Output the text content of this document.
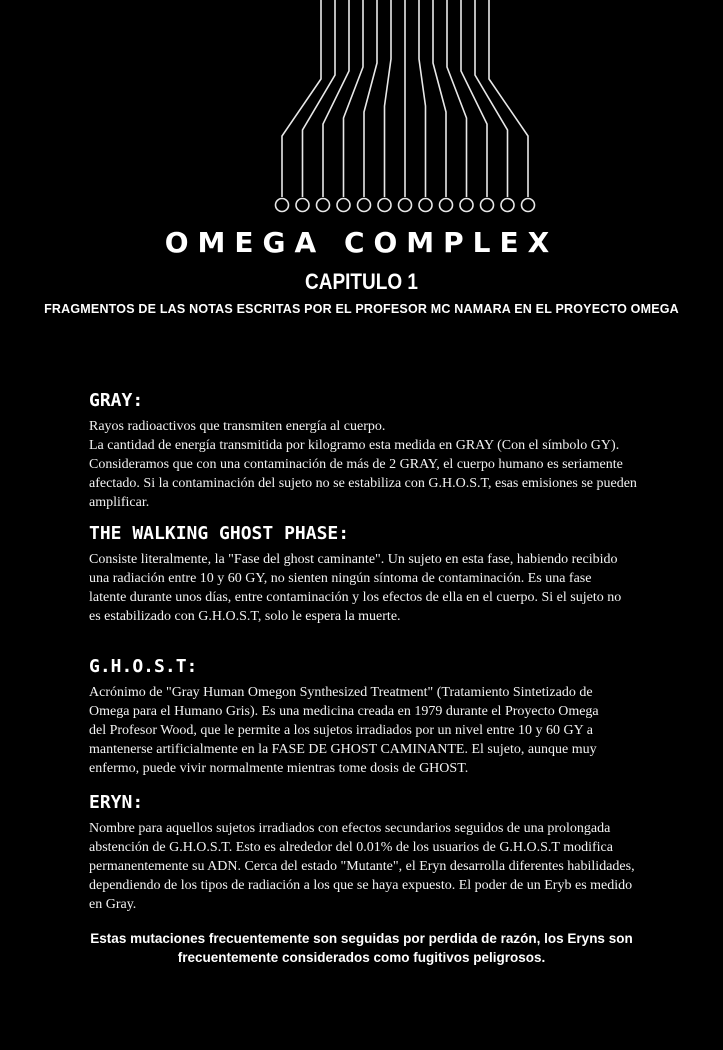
OMEGA COMPLEX
CAPITULO 1
FRAGMENTOS DE LAS NOTAS ESCRITAS POR EL PROFESOR MC NAMARA EN EL PROYECTO OMEGA
GRAY:

Rayos radioactivos que transmiten energía al cuerpo.
La cantidad de energía transmitida por kilogramo esta medida en GRAY (Con el símbolo GY).
Consideramos que con una contaminación de más de 2 GRAY, el cuerpo humano es seriamente
afectado. Si la contaminación del sujeto no se estabiliza con G.H.O.S.T, esas emisiones se pueden
amplificar.

THE WALKING GHOST PHASE:

Consiste literalmente, la "Fase del ghost caminante". Un sujeto en esta fase, habiendo recibido
una radiación entre 10 y 60 GY, no sienten ningún síntoma de contaminación. Es una fase
latente durante unos días, entre contaminación y los efectos de ella en el cuerpo. Si el sujeto no
es estabilizado con G.H.O.S.T, solo le espera la muerte.

G.H.O.S.T:

Acrónimo de "Gray Human Omegon Synthesized Treatment" (Tratamiento Sintetizado de
Omega para el Humano Gris). Es una medicina creada en 1979 durante el Proyecto Omega
del Profesor Wood, que le permite a los sujetos irradiados por un nivel entre 10 y 60 GY a
mantenerse artificialmente en la FASE DE GHOST CAMINANTE. El sujeto, aunque muy
enfermo, puede vivir normalmente mientras tome dosis de GHOST.

ERYN:

Nombre para aquellos sujetos irradiados con efectos secundarios seguidos de una prolongada
abstención de G.H.O.S.T. Esto es alrededor del 0.01% de los usuarios de G.H.O.S.T modifica
permanentemente su ADN. Cerca del estado "Mutante", el Eryn desarrolla diferentes habilidades,
dependiendo de los tipos de radiación a los que se haya expuesto. El poder de un Eryb es medido
en Gray.

Estas mutaciones frecuentemente son seguidas por perdida de razón, los Eryns son
frecuentemente considerados como fugitivos peligrosos.
